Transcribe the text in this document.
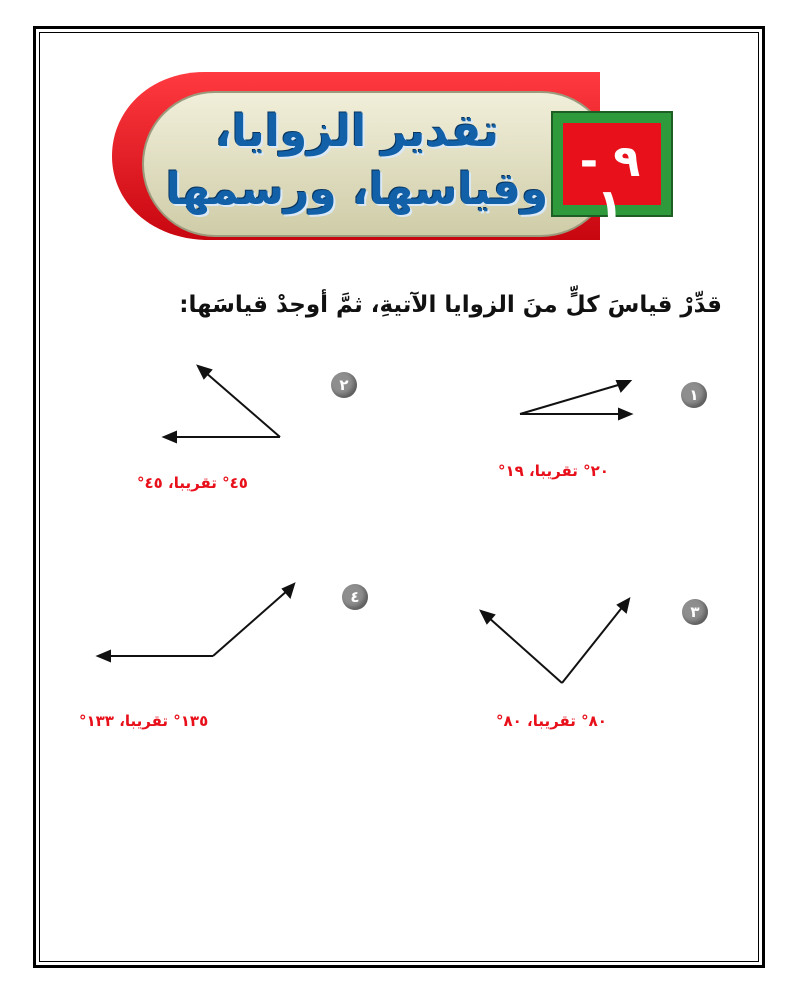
تقدير الزوايا،
وقياسها، ورسمها
٩ - ١
قدِّرْ قياسَ كلٍّ منَ الزوايا الآتيةِ، ثمَّ أوجدْ قياسَها:
١
٢٠° تقريبا، ١٩°
٢
٤٥° تقريبا، ٤٥°
٣
٨٠° تقريبا، ٨٠°
٤
١٣٥° تقريبا، ١٣٣°
